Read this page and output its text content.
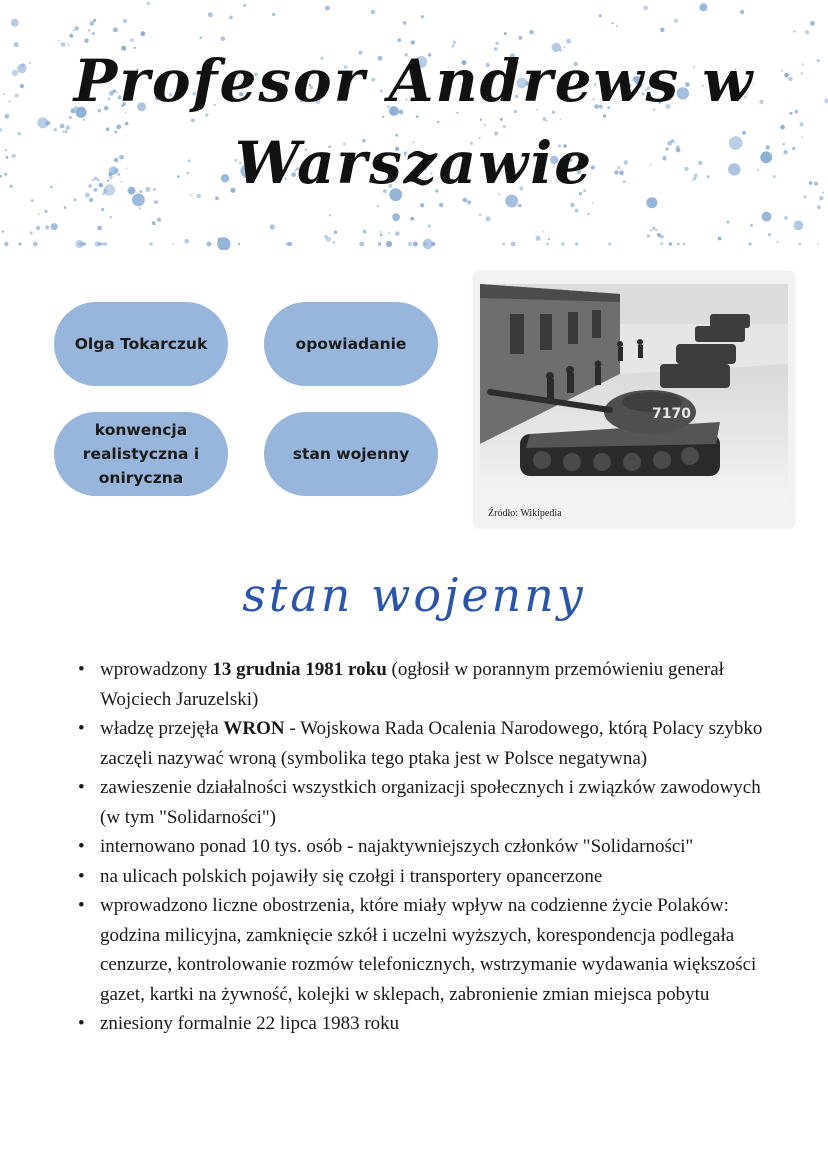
Profesor Andrews w
Warszawie
Olga Tokarczuk	opowiadanie
konwencja realistyczna i oniryczna
stan wojenny
7170
Źródło: Wikipedia
stan wojenny
• wprowadzony 13 grudnia 1981 roku (ogłosił w porannym przemówieniu generał Wojciech Jaruzelski)
• władzę przejęła WRON - Wojskowa Rada Ocalenia Narodowego, którą Polacy szybko zaczęli nazywać wroną (symbolika tego ptaka jest w Polsce negatywna)
• zawieszenie działalności wszystkich organizacji społecznych i związków zawodowych (w tym "Solidarności")
• internowano ponad 10 tys. osób - najaktywniejszych członków "Solidarności"
• na ulicach polskich pojawiły się czołgi i transportery opancerzone
• wprowadzono liczne obostrzenia, które miały wpływ na codzienne życie Polaków: godzina milicyjna, zamknięcie szkół i uczelni wyższych, korespondencja podlegała cenzurze, kontrolowanie rozmów telefonicznych, wstrzymanie wydawania większości gazet, kartki na żywność, kolejki w sklepach, zabronienie zmian miejsca pobytu
• zniesiony formalnie 22 lipca 1983 roku
